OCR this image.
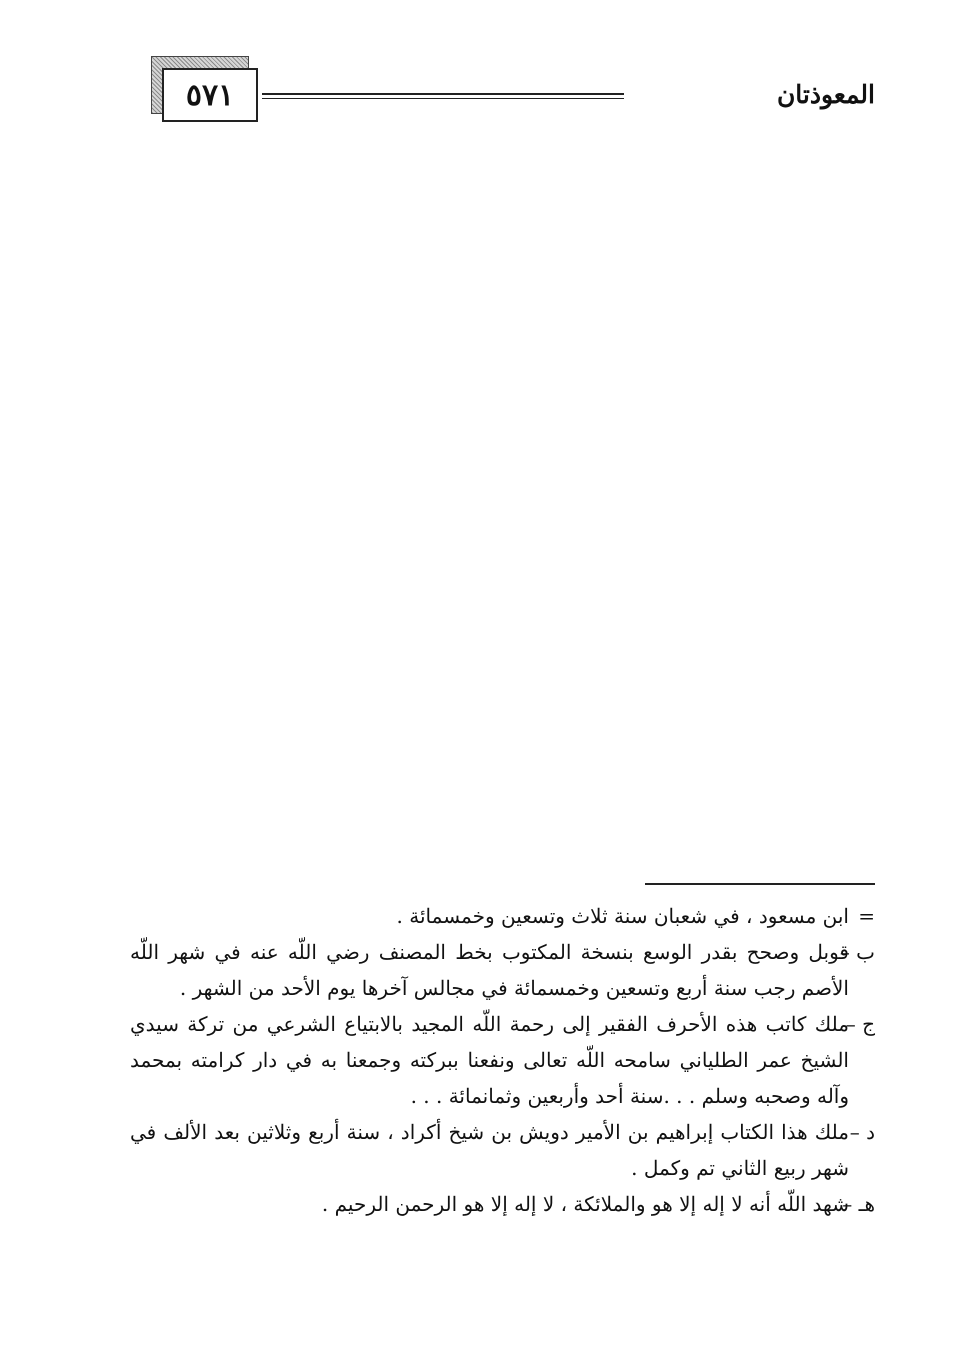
٥٧١	المعوذتان
=
ابن مسعود ، في شعبان سنة ثلاث وتسعين وخمسمائة .
ب –
قوبل وصحح بقدر الوسع بنسخة المكتوب بخط المصنف رضي اللّه عنه في شهر اللّه الأصم رجب سنة أربع وتسعين وخمسمائة في مجالس آخرها يوم الأحد من الشهر .
ج –
ملك كاتب هذه الأحرف الفقير إلى رحمة اللّه المجيد بالابتياع الشرعي من تركة سيدي الشيخ عمر الطلياني سامحه اللّه تعالى ونفعنا ببركته وجمعنا به في دار كرامته بمحمد وآله وصحبه وسلم . . .سنة أحد وأربعين وثمانمائة . . .
د –
ملك هذا الكتاب إبراهيم بن الأمير دويش بن شيخ أكراد ، سنة أربع وثلاثين بعد الألف في شهر ربيع الثاني تم وكمل .
هـ –
شهد اللّه أنه لا إله إلا هو والملائكة ، لا إله إلا هو الرحمن الرحيم .
